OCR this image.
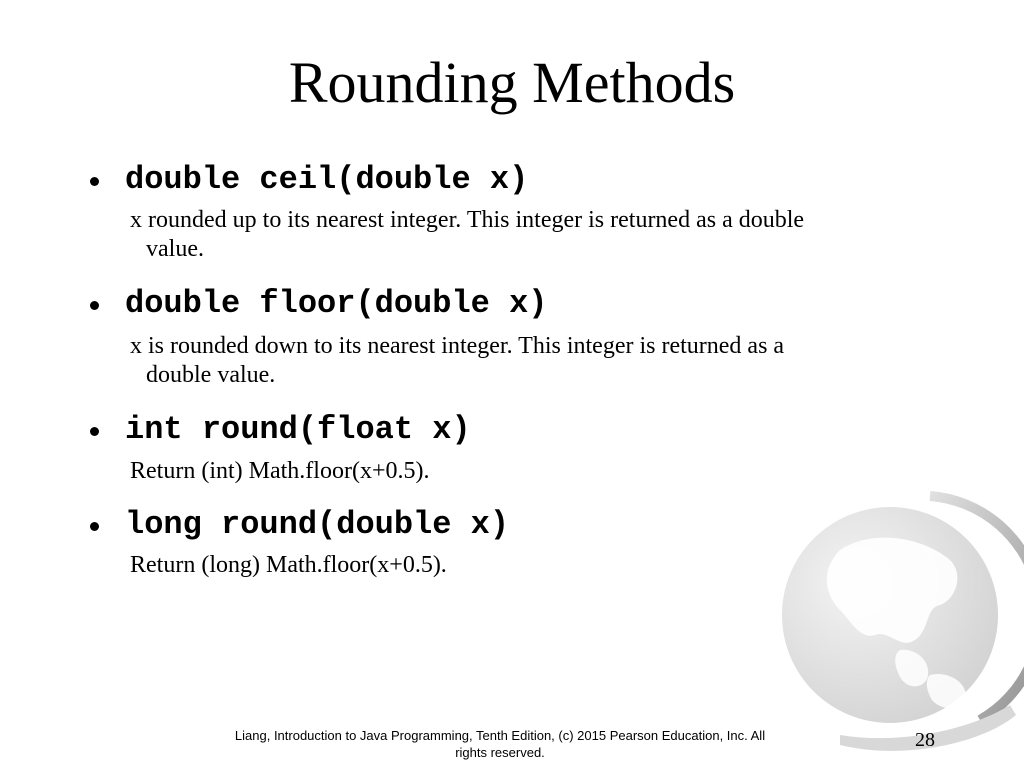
Rounding Methods
double ceil(double x)
x rounded up to its nearest integer. This integer is returned as a double
value.
double floor(double x)
x is rounded down to its nearest integer. This integer is returned as a
double value.
int round(float x)
Return (int) Math.floor(x+0.5).
long round(double x)
Return (long) Math.floor(x+0.5).
Liang, Introduction to Java Programming, Tenth Edition, (c) 2015 Pearson Education, Inc. All
rights reserved.
28
